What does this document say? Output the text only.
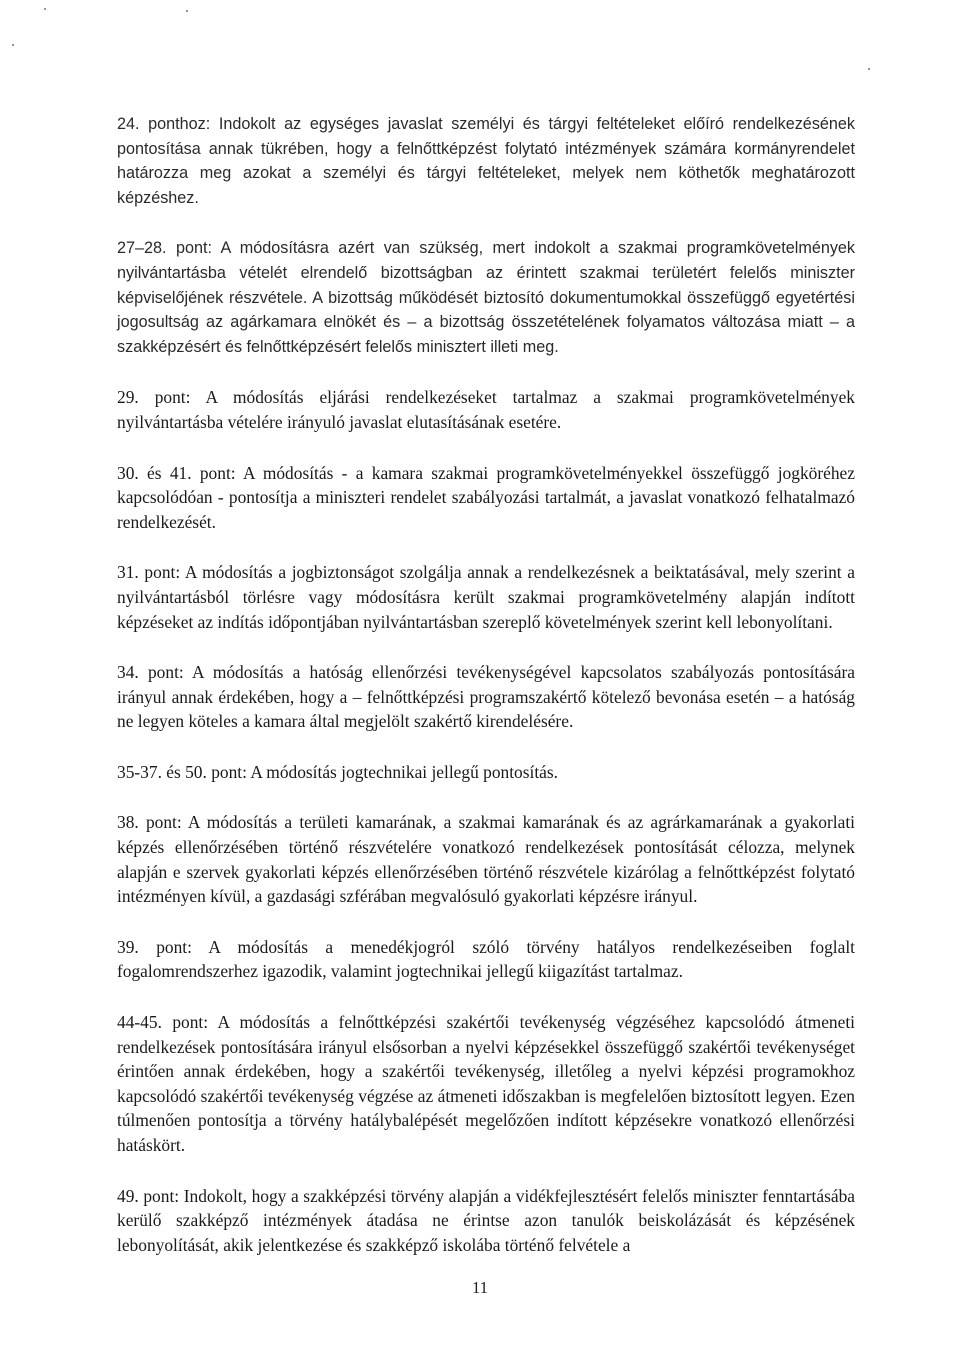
24. ponthoz: Indokolt az egységes javaslat személyi és tárgyi feltételeket előíró rendelkezésének pontosítása annak tükrében, hogy a felnőttképzést folytató intézmények számára kormányrendelet határozza meg azokat a személyi és tárgyi feltételeket, melyek nem köthetők meghatározott képzéshez.

27–28. pont: A módosításra azért van szükség, mert indokolt a szakmai programkövetelmények nyilvántartásba vételét elrendelő bizottságban az érintett szakmai területért felelős miniszter képviselőjének részvétele. A bizottság működését biztosító dokumentumokkal összefüggő egyetértési jogosultság az agárkamara elnökét és – a bizottság összetételének folyamatos változása miatt – a szakképzésért és felnőttképzésért felelős minisztert illeti meg.

29. pont: A módosítás eljárási rendelkezéseket tartalmaz a szakmai programkövetelmények nyilvántartásba vételére irányuló javaslat elutasításának esetére.

30. és 41. pont: A módosítás - a kamara szakmai programkövetelményekkel összefüggő jogköréhez kapcsolódóan - pontosítja a miniszteri rendelet szabályozási tartalmát, a javaslat vonatkozó felhatalmazó rendelkezését.

31. pont: A módosítás a jogbiztonságot szolgálja annak a rendelkezésnek a beiktatásával, mely szerint a nyilvántartásból törlésre vagy módosításra került szakmai programkövetelmény alapján indított képzéseket az indítás időpontjában nyilvántartásban szereplő követelmények szerint kell lebonyolítani.

34. pont: A módosítás a hatóság ellenőrzési tevékenységével kapcsolatos szabályozás pontosítására irányul annak érdekében, hogy a – felnőttképzési programszakértő kötelező bevonása esetén – a hatóság ne legyen köteles a kamara által megjelölt szakértő kirendelésére.

35-37. és 50. pont: A módosítás jogtechnikai jellegű pontosítás.

38. pont: A módosítás a területi kamarának, a szakmai kamarának és az agrárkamarának a gyakorlati képzés ellenőrzésében történő részvételére vonatkozó rendelkezések pontosítását célozza, melynek alapján e szervek gyakorlati képzés ellenőrzésében történő részvétele kizárólag a felnőttképzést folytató intézményen kívül, a gazdasági szférában megvalósuló gyakorlati képzésre irányul.

39. pont: A módosítás a menedékjogról szóló törvény hatályos rendelkezéseiben foglalt fogalomrendszerhez igazodik, valamint jogtechnikai jellegű kiigazítást tartalmaz.

44-45. pont: A módosítás a felnőttképzési szakértői tevékenység végzéséhez kapcsolódó átmeneti rendelkezések pontosítására irányul elsősorban a nyelvi képzésekkel összefüggő szakértői tevékenységet érintően annak érdekében, hogy a szakértői tevékenység, illetőleg a nyelvi képzési programokhoz kapcsolódó szakértői tevékenység végzése az átmeneti időszakban is megfelelően biztosított legyen. Ezen túlmenően pontosítja a törvény hatálybalépését megelőzően indított képzésekre vonatkozó ellenőrzési hatáskört.

49. pont: Indokolt, hogy a szakképzési törvény alapján a vidékfejlesztésért felelős miniszter fenntartásába kerülő szakképző intézmények átadása ne érintse azon tanulók beiskolázását és képzésének lebonyolítását, akik jelentkezése és szakképző iskolába történő felvétele a

11
